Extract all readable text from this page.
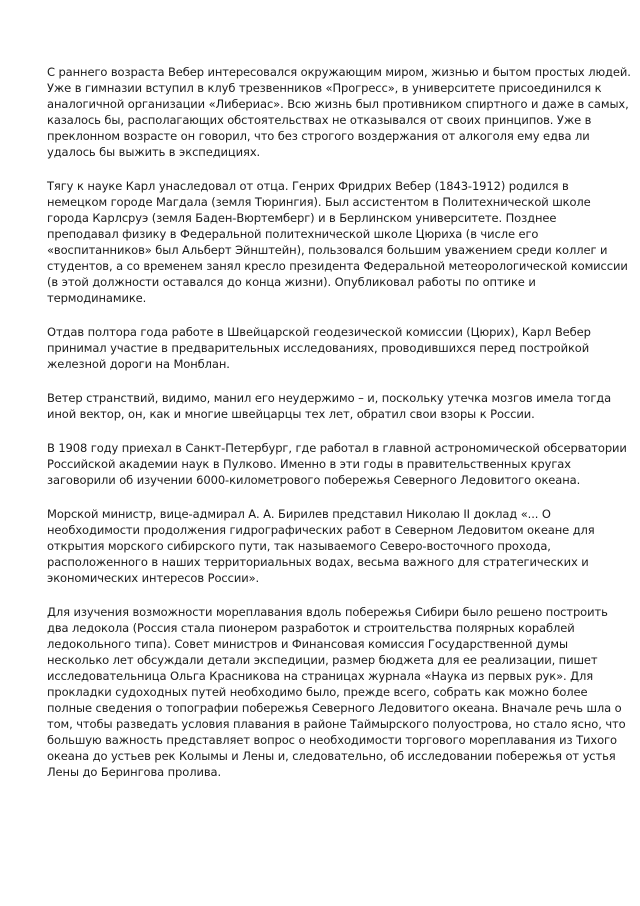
С раннего возраста Вебер интересовался окружающим миром, жизнью и бытом простых людей.
Уже в гимназии вступил в клуб трезвенников «Прогресс», в университете присоединился к
аналогичной организации «Либериас». Всю жизнь был противником спиртного и даже в самых,
казалось бы, располагающих обстоятельствах не отказывался от своих принципов. Уже в
преклонном возрасте он говорил, что без строгого воздержания от алкоголя ему едва ли
удалось бы выжить в экспедициях.

Тягу к науке Карл унаследовал от отца. Генрих Фридрих Вебер (1843-1912) родился в
немецком городе Магдала (земля Тюрингия). Был ассистентом в Политехнической школе
города Карлсруэ (земля Баден-Вюртемберг) и в Берлинском университете. Позднее
преподавал физику в Федеральной политехнической школе Цюриха (в числе его
«воспитанников» был Альберт Эйнштейн), пользовался большим уважением среди коллег и
студентов, а со временем занял кресло президента Федеральной метеорологической комиссии
(в этой должности оставался до конца жизни). Опубликовал работы по оптике и
термодинамике.

Отдав полтора года работе в Швейцарской геодезической комиссии (Цюрих), Карл Вебер
принимал участие в предварительных исследованиях, проводившихся перед постройкой
железной дороги на Монблан.

Ветер странствий, видимо, манил его неудержимо – и, поскольку утечка мозгов имела тогда
иной вектор, он, как и многие швейцарцы тех лет, обратил свои взоры к России.

В 1908 году приехал в Санкт-Петербург, где работал в главной астрономической обсерватории
Российской академии наук в Пулково. Именно в эти годы в правительственных кругах
заговорили об изучении 6000-километрового побережья Северного Ледовитого океана.

Морской министр, вице-адмирал А. А. Бирилев представил Николаю II доклад «... О
необходимости продолжения гидрографических работ в Северном Ледовитом океане для
открытия морского сибирского пути, так называемого Северо-восточного прохода,
расположенного в наших территориальных водах, весьма важного для стратегических и
экономических интересов России».

Для изучения возможности мореплавания вдоль побережья Сибири было решено построить
два ледокола (Россия стала пионером разработок и строительства полярных кораблей
ледокольного типа). Совет министров и Финансовая комиссия Государственной думы
несколько лет обсуждали детали экспедиции, размер бюджета для ее реализации, пишет
исследовательница Ольга Красникова на страницах журнала «Наука из первых рук». Для
прокладки судоходных путей необходимо было, прежде всего, собрать как можно более
полные сведения о топографии побережья Северного Ледовитого океана. Вначале речь шла о
том, чтобы разведать условия плавания в районе Таймырского полуострова, но стало ясно, что
большую важность представляет вопрос о необходимости торгового мореплавания из Тихого
океана до устьев рек Колымы и Лены и, следовательно, об исследовании побережья от устья
Лены до Берингова пролива.
